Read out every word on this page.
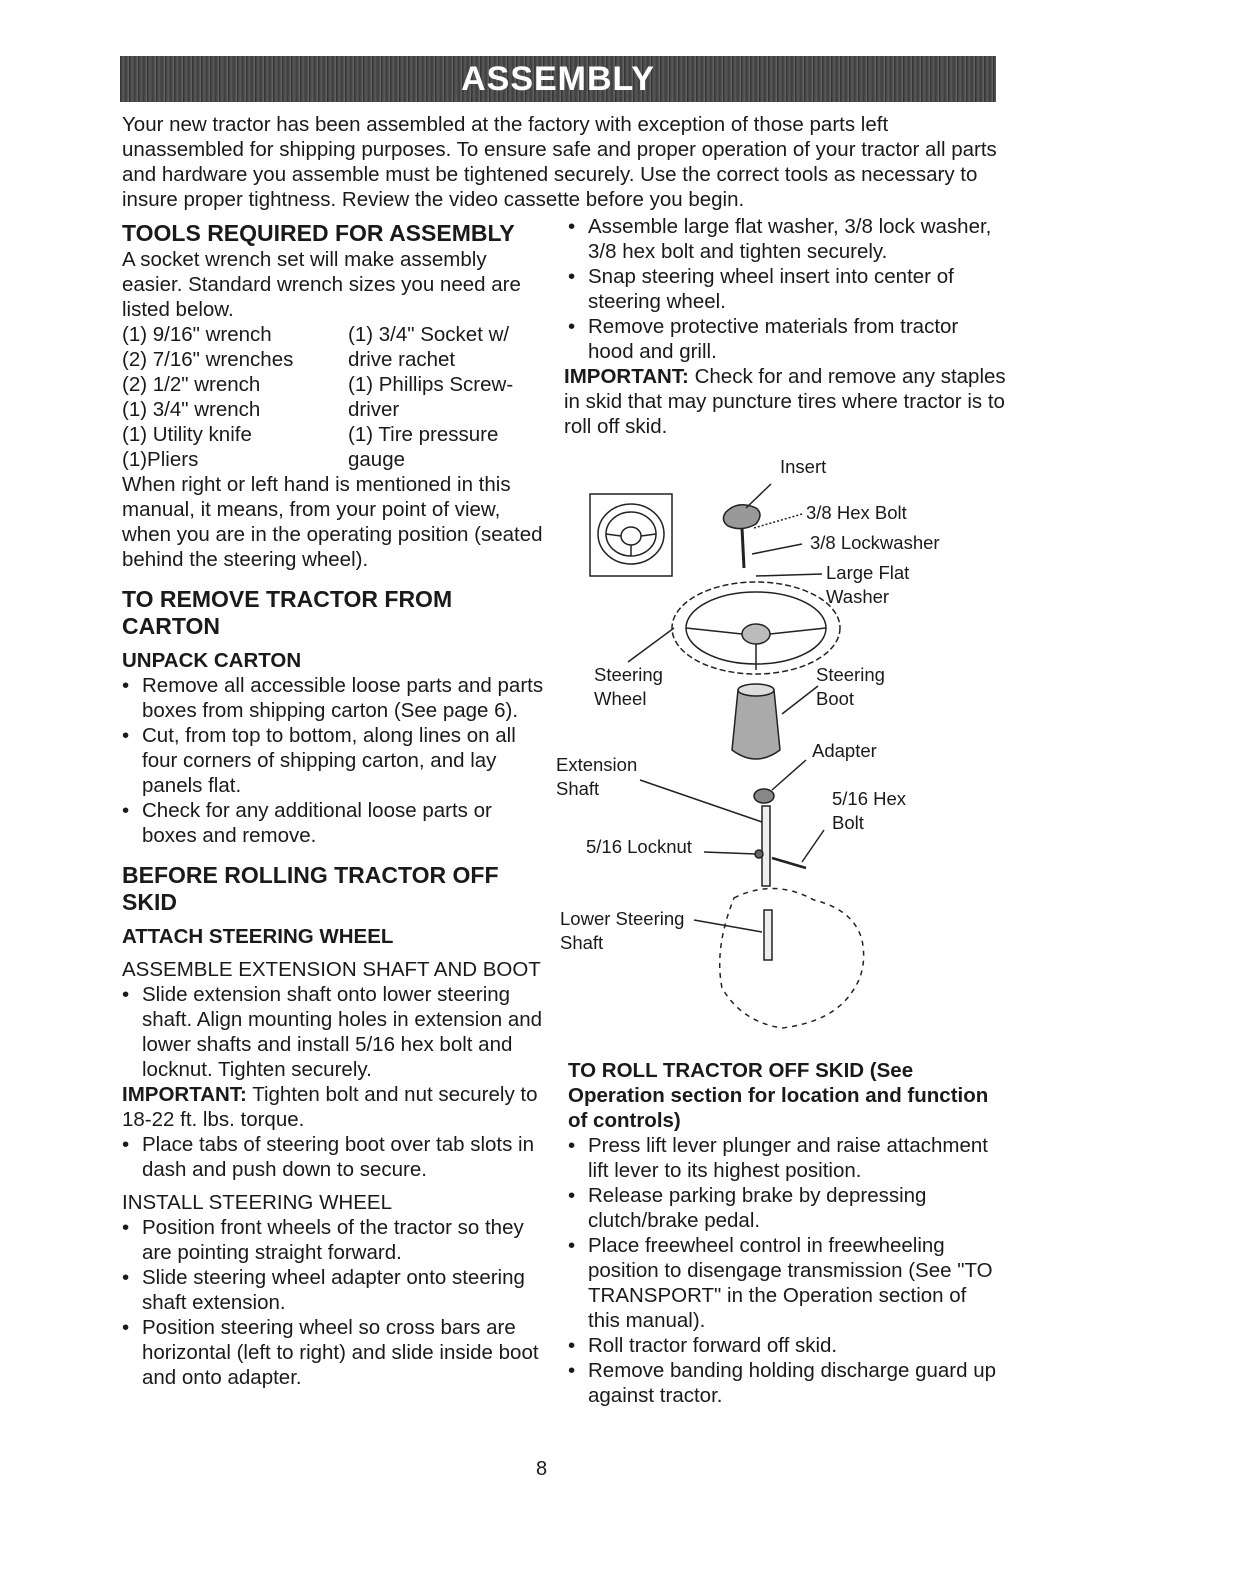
ASSEMBLY

Your new tractor has been assembled at the factory with exception of those parts left unassembled for shipping purposes. To ensure safe and proper operation of your tractor all parts and hardware you assemble must be tightened securely. Use the correct tools as necessary to insure proper tightness. Review the video cassette before you begin.

TOOLS REQUIRED FOR ASSEMBLY

A socket wrench set will make assembly easier. Standard wrench sizes you need are listed below.

(1) 9/16" wrench
(2) 7/16" wrenches
(2) 1/2" wrench
(1) 3/4" wrench
(1) Utility knife
(1)Pliers
(1) 3/4" Socket w/
drive rachet
(1) Phillips Screw-
driver
(1) Tire pressure
gauge

When right or left hand is mentioned in this manual, it means, from your point of view, when you are in the operating position (seated behind the steering wheel).

TO REMOVE TRACTOR FROM CARTON
UNPACK CARTON
• Remove all accessible loose parts and parts boxes from shipping carton (See page 6).
• Cut, from top to bottom, along lines on all four corners of shipping carton, and lay panels flat.
• Check for any additional loose parts or boxes and remove.
BEFORE ROLLING TRACTOR OFF SKID
ATTACH STEERING WHEEL
ASSEMBLE EXTENSION SHAFT AND BOOT
• Slide extension shaft onto lower steering shaft. Align mounting holes in extension and lower shafts and install 5/16 hex bolt and locknut. Tighten securely.

IMPORTANT: Tighten bolt and nut securely to 18-22 ft. lbs. torque.

• Place tabs of steering boot over tab slots in dash and push down to secure.
INSTALL STEERING WHEEL
• Position front wheels of the tractor so they are pointing straight forward.
• Slide steering wheel adapter onto steering shaft extension.
• Position steering wheel so cross bars are horizontal (left to right) and slide inside boot and onto adapter.
• Assemble large flat washer, 3/8 lock washer, 3/8 hex bolt and tighten securely.
• Snap steering wheel insert into center of steering wheel.
• Remove protective materials from tractor hood and grill.

IMPORTANT: Check for and remove any staples in skid that may puncture tires where tractor is to roll off skid.

Insert
3/8 Hex Bolt
3/8 Lockwasher
Large Flat
Washer
Steering
Wheel
Steering
Boot
Adapter
Extension
Shaft	5/16 Hex
Bolt
5/16 Locknut
Lower Steering
Shaft
TO ROLL TRACTOR OFF SKID (See Operation section for location and function of controls)
• Press lift lever plunger and raise attachment lift lever to its highest position.
• Release parking brake by depressing clutch/brake pedal.
• Place freewheel control in freewheeling position to disengage transmission (See "TO TRANSPORT" in the Operation section of this manual).
• Roll tractor forward off skid.
• Remove banding holding discharge guard up against tractor.
8
